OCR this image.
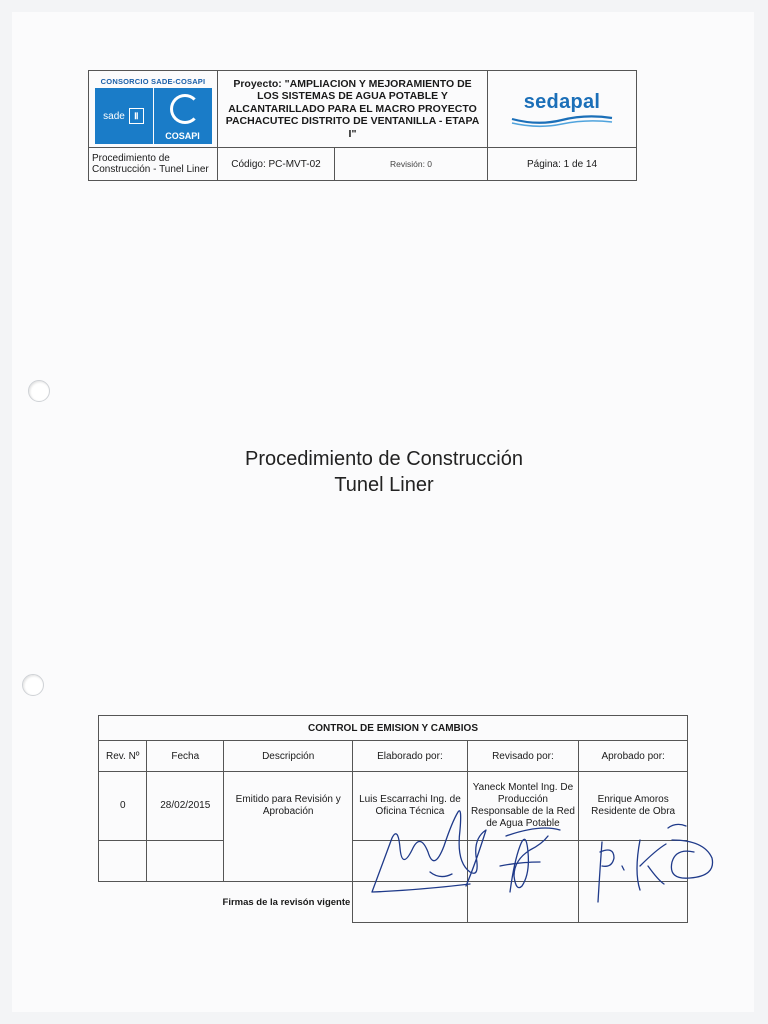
CONSORCIO SADE-COSAPI
sade Ⅱ
COSAPI	Proyecto: "AMPLIACION Y MEJORAMIENTO DE LOS SISTEMAS DE AGUA POTABLE Y ALCANTARILLADO PARA EL MACRO PROYECTO PACHACUTEC DISTRITO DE VENTANILLA - ETAPA I"		sedapal

Procedimiento de Construcción - Tunel Liner	Código: PC-MVT-02	Revisión: 0	Página: 1 de 14
Procedimiento de Construcción
Tunel Liner
CONTROL DE EMISION Y CAMBIOS					
Rev. Nº	Fecha	Descripción	Elaborado por:	Revisado por:	Aprobado por:
0	28/02/2015	Emitido para Revisión y Aprobación	Luis Escarrachi Ing. de Oficina Técnica	Yaneck Montel Ing. De Producción Responsable de la Red de Agua Potable	Enrique Amoros Residente de Obra

Firmas de la revisón vigente					
